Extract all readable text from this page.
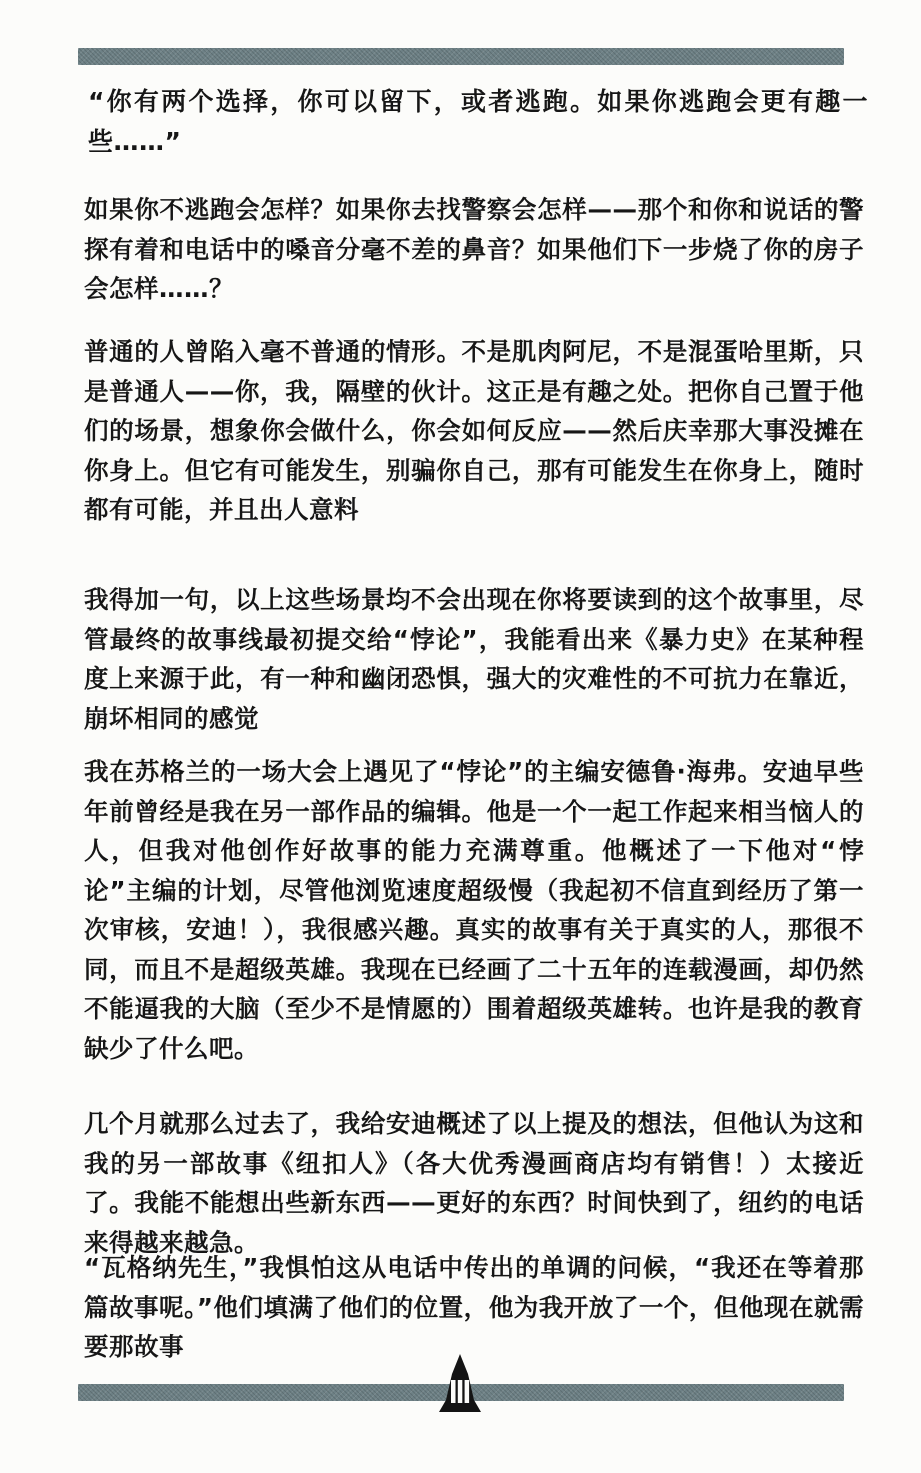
“你有两个选择，你可以留下，或者逃跑。如果你逃跑会更有趣一些……”

如果你不逃跑会怎样？如果你去找警察会怎样——那个和你和说话的警探有着和电话中的嗓音分毫不差的鼻音？如果他们下一步烧了你的房子会怎样……？

普通的人曾陷入毫不普通的情形。不是肌肉阿尼，不是混蛋哈里斯，只是普通人——你，我，隔壁的伙计。这正是有趣之处。把你自己置于他们的场景，想象你会做什么，你会如何反应——然后庆幸那大事没摊在你身上。但它有可能发生，别骗你自己，那有可能发生在你身上，随时都有可能，并且出人意料

我得加一句，以上这些场景均不会出现在你将要读到的这个故事里，尽管最终的故事线最初提交给“悖论”，我能看出来《暴力史》在某种程度上来源于此，有一种和幽闭恐惧，强大的灾难性的不可抗力在靠近，崩坏相同的感觉

我在苏格兰的一场大会上遇见了“悖论”的主编安德鲁·海弗。安迪早些年前曾经是我在另一部作品的编辑。他是一个一起工作起来相当恼人的人，但我对他创作好故事的能力充满尊重。他概述了一下他对“悖论”主编的计划，尽管他浏览速度超级慢（我起初不信直到经历了第一次审核，安迪！），我很感兴趣。真实的故事有关于真实的人，那很不同，而且不是超级英雄。我现在已经画了二十五年的连载漫画，却仍然不能逼我的大脑（至少不是情愿的）围着超级英雄转。也许是我的教育缺少了什么吧。

几个月就那么过去了，我给安迪概述了以上提及的想法，但他认为这和我的另一部故事《纽扣人》（各大优秀漫画商店均有销售！）太接近了。我能不能想出些新东西——更好的东西？时间快到了，纽约的电话来得越来越急。

“瓦格纳先生，”我惧怕这从电话中传出的单调的问候，“我还在等着那篇故事呢。”他们填满了他们的位置，他为我开放了一个，但他现在就需要那故事
